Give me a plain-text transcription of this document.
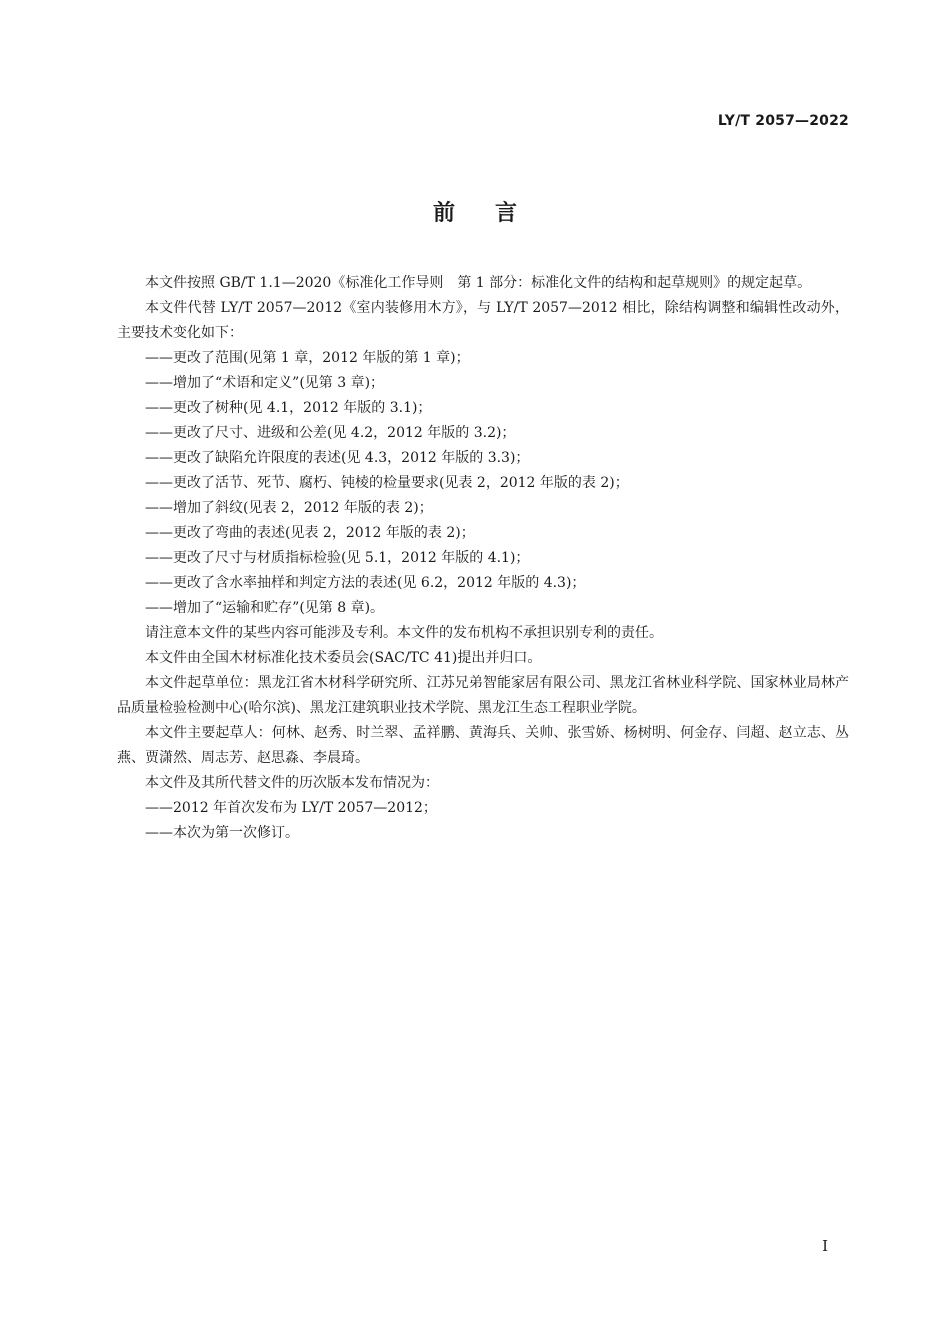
LY/T 2057—2022

前言

本文件按照 GB/T 1.1—2020《标准化工作导则　第 1 部分：标准化文件的结构和起草规则》的规定起草。

本文件代替 LY/T 2057—2012《室内装修用木方》，与 LY/T 2057—2012 相比，除结构调整和编辑性改动外，主要技术变化如下：

——更改了范围(见第 1 章，2012 年版的第 1 章)；

——增加了“术语和定义”(见第 3 章)；

——更改了树种(见 4.1，2012 年版的 3.1)；

——更改了尺寸、进级和公差(见 4.2，2012 年版的 3.2)；

——更改了缺陷允许限度的表述(见 4.3，2012 年版的 3.3)；

——更改了活节、死节、腐朽、钝棱的检量要求(见表 2，2012 年版的表 2)；

——增加了斜纹(见表 2，2012 年版的表 2)；

——更改了弯曲的表述(见表 2，2012 年版的表 2)；

——更改了尺寸与材质指标检验(见 5.1，2012 年版的 4.1)；

——更改了含水率抽样和判定方法的表述(见 6.2，2012 年版的 4.3)；

——增加了“运输和贮存”(见第 8 章)。

请注意本文件的某些内容可能涉及专利。本文件的发布机构不承担识别专利的责任。

本文件由全国木材标准化技术委员会(SAC/TC 41)提出并归口。

本文件起草单位：黑龙江省木材科学研究所、江苏兄弟智能家居有限公司、黑龙江省林业科学院、国家林业局林产品质量检验检测中心(哈尔滨)、黑龙江建筑职业技术学院、黑龙江生态工程职业学院。

本文件主要起草人：何林、赵秀、时兰翠、孟祥鹏、黄海兵、关帅、张雪娇、杨树明、何金存、闫超、赵立志、丛燕、贾潇然、周志芳、赵思淼、李晨琦。

本文件及其所代替文件的历次版本发布情况为：

——2012 年首次发布为 LY/T 2057—2012；

——本次为第一次修订。

I
